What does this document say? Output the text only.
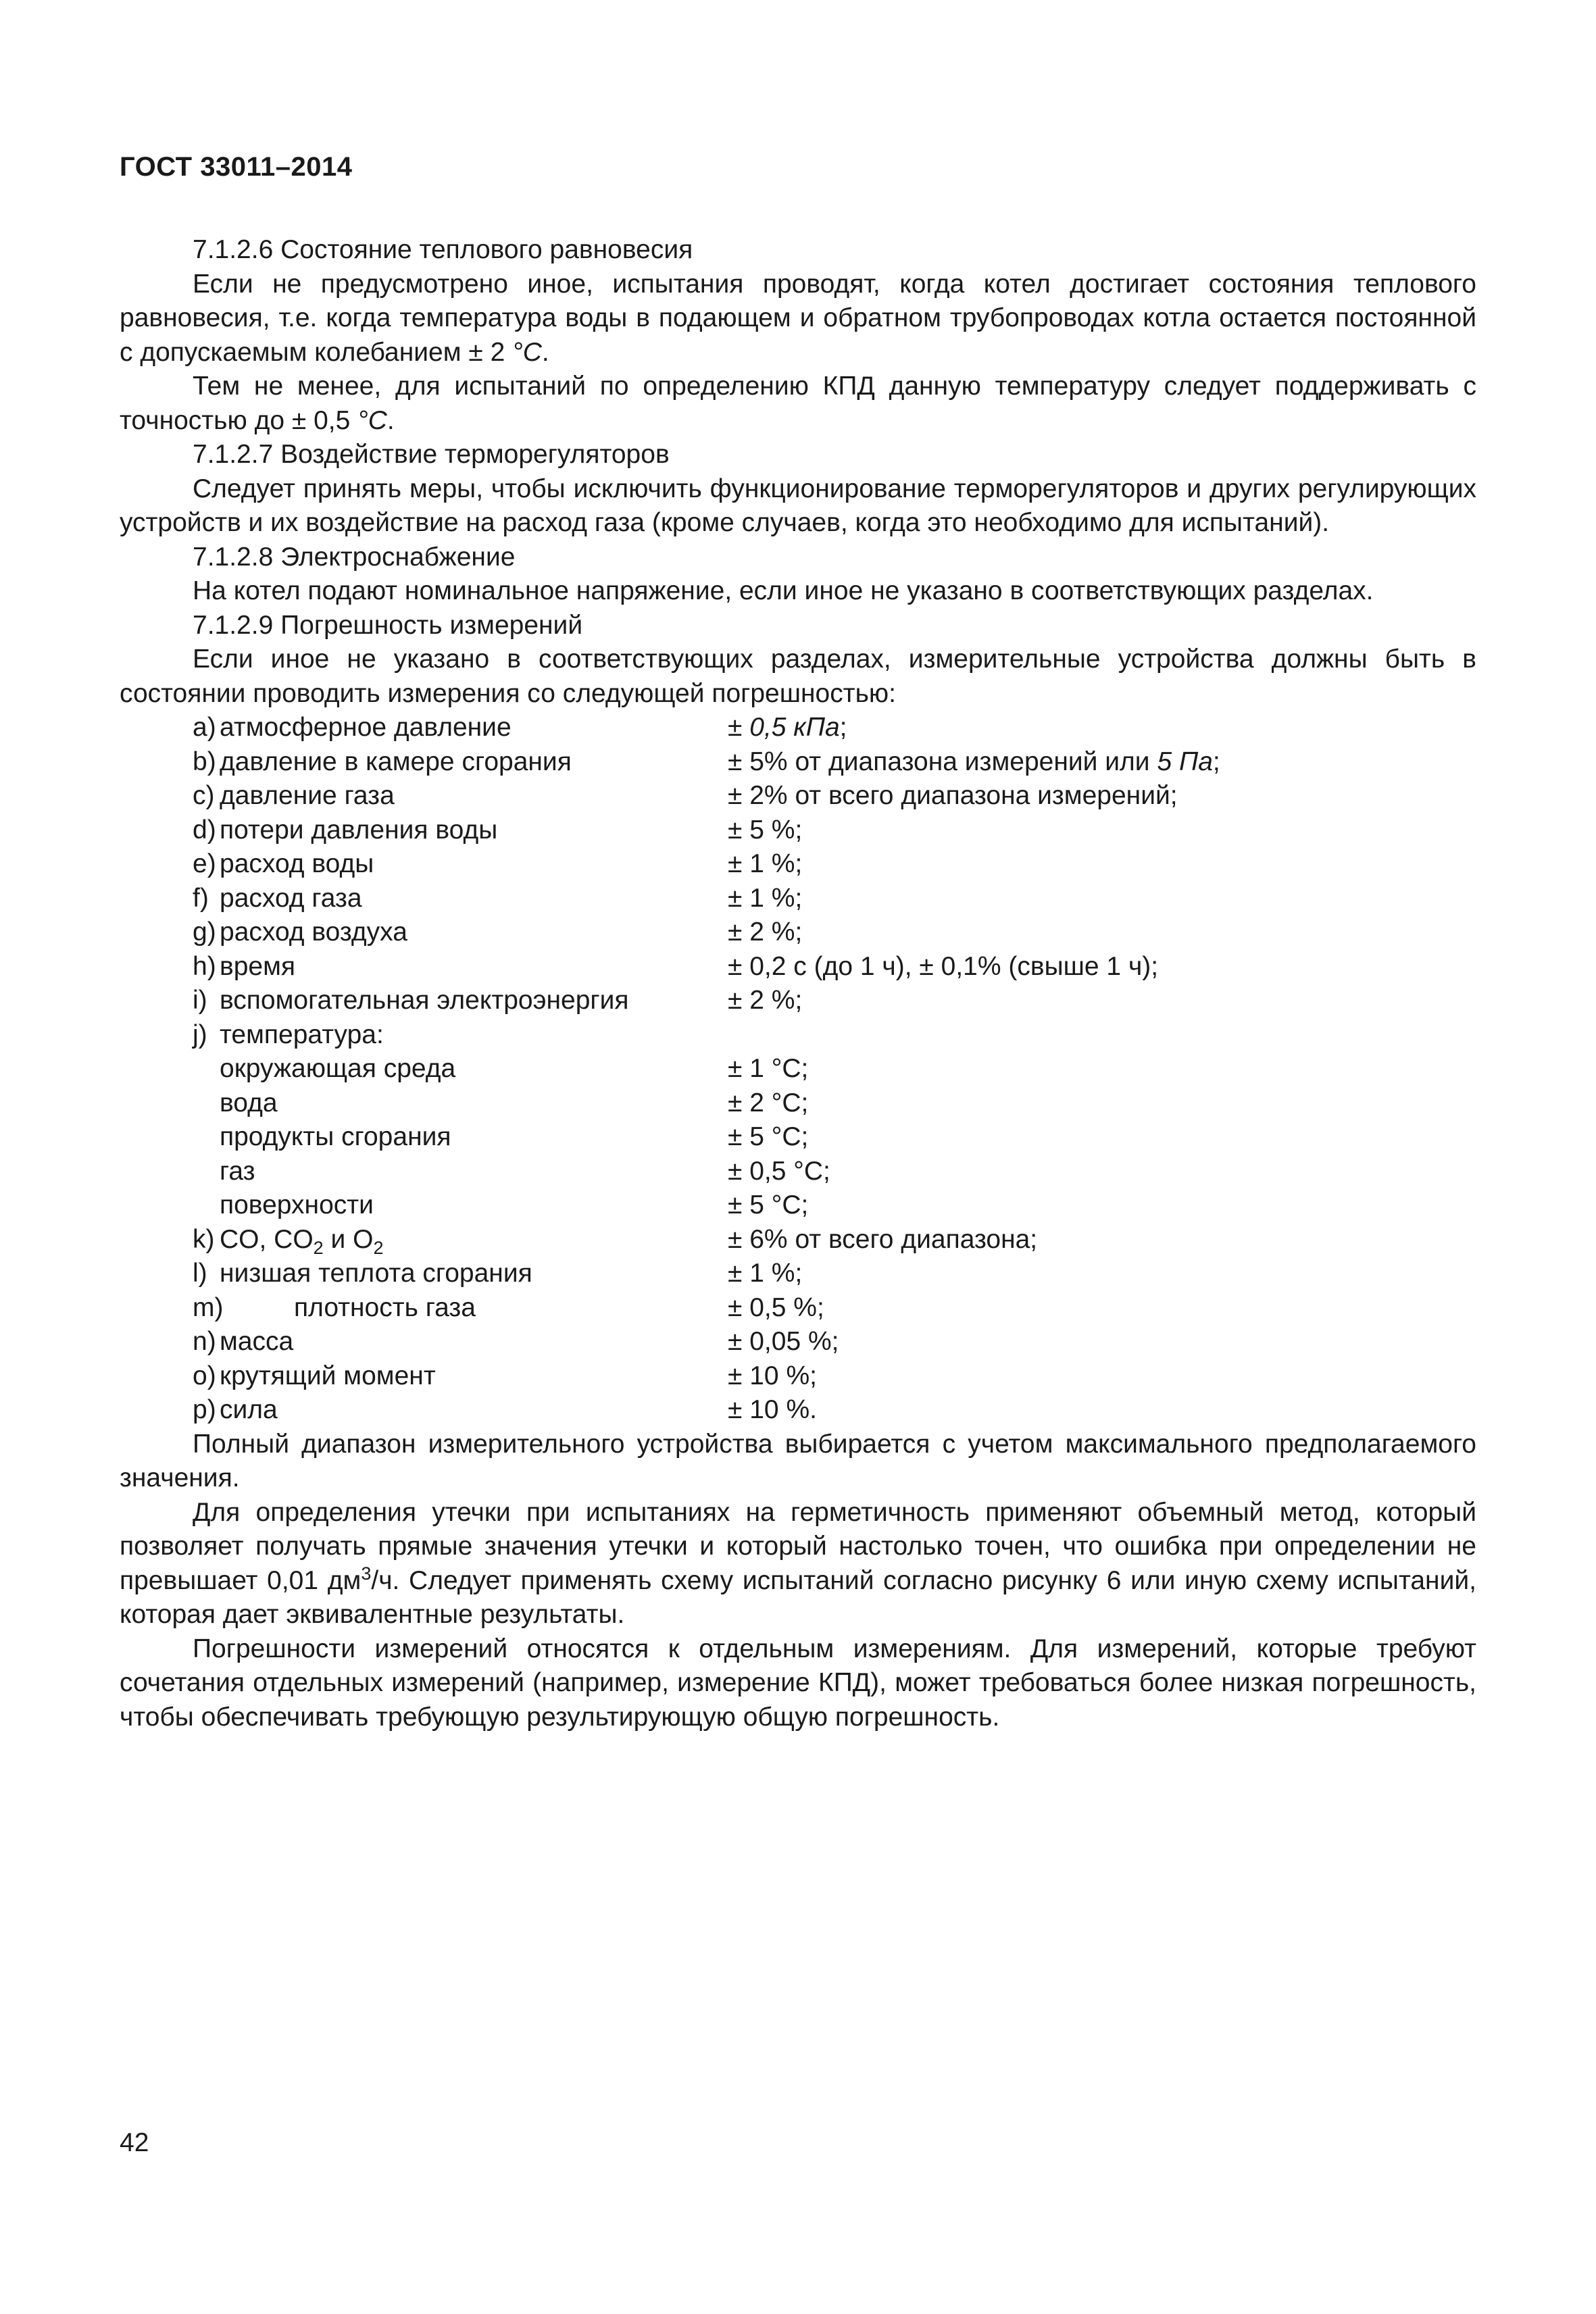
ГОСТ 33011–2014

7.1.2.6 Состояние теплового равновесия

Если не предусмотрено иное, испытания проводят, когда котел достигает состояния теплового равновесия, т.е. когда температура воды в подающем и обратном трубопроводах котла остается постоянной с допускаемым колебанием ± 2 °C.

Тем не менее, для испытаний по определению КПД данную температуру следует поддерживать с точностью до ± 0,5 °C.

7.1.2.7 Воздействие терморегуляторов

Следует принять меры, чтобы исключить функционирование терморегуляторов и других регулирующих устройств и их воздействие на расход газа (кроме случаев, когда это необходимо для испытаний).

7.1.2.8 Электроснабжение

На котел подают номинальное напряжение, если иное не указано в соответствующих разделах.

7.1.2.9 Погрешность измерений

Если иное не указано в соответствующих разделах, измерительные устройства должны быть в состоянии проводить измерения со следующей погрешностью:

a) атмосферное давление	± 0,5 кПа;
b) давление в камере сгорания	± 5% от диапазона измерений или 5 Па;
c) давление газа	± 2% от всего диапазона измерений;
d) потери давления воды	± 5 %;
e) расход воды	± 1 %;
f) расход газа	± 1 %;
g) расход воздуха	± 2 %;
h) время	± 0,2 с (до 1 ч), ± 0,1% (свыше 1 ч);
i) вспомогательная электроэнергия	± 2 %;
j) температура:
окружающая среда	± 1 °C;
вода	± 2 °C;
продукты сгорания	± 5 °C;
газ	± 0,5 °C;
поверхности	± 5 °C;
k) CO, $CO_2$ и $O_2$	± 6% от всего диапазона;
l) низшая теплота сгорания	± 1 %;
m)	плотность газа	± 0,5 %;
n) масса	± 0,05 %;
o) крутящий момент	± 10 %;
p) сила	± 10 %.

Полный диапазон измерительного устройства выбирается с учетом максимального предполагаемого значения.

Для определения утечки при испытаниях на герметичность применяют объемный метод, который позволяет получать прямые значения утечки и который настолько точен, что ошибка при определении не превышает 0,01 $дм^3/ч$. Следует применять схему испытаний согласно рисунку 6 или иную схему испытаний, которая дает эквивалентные результаты.

Погрешности измерений относятся к отдельным измерениям. Для измерений, которые требуют сочетания отдельных измерений (например, измерение КПД), может требоваться более низкая погрешность, чтобы обеспечивать требующую результирующую общую погрешность.

42
